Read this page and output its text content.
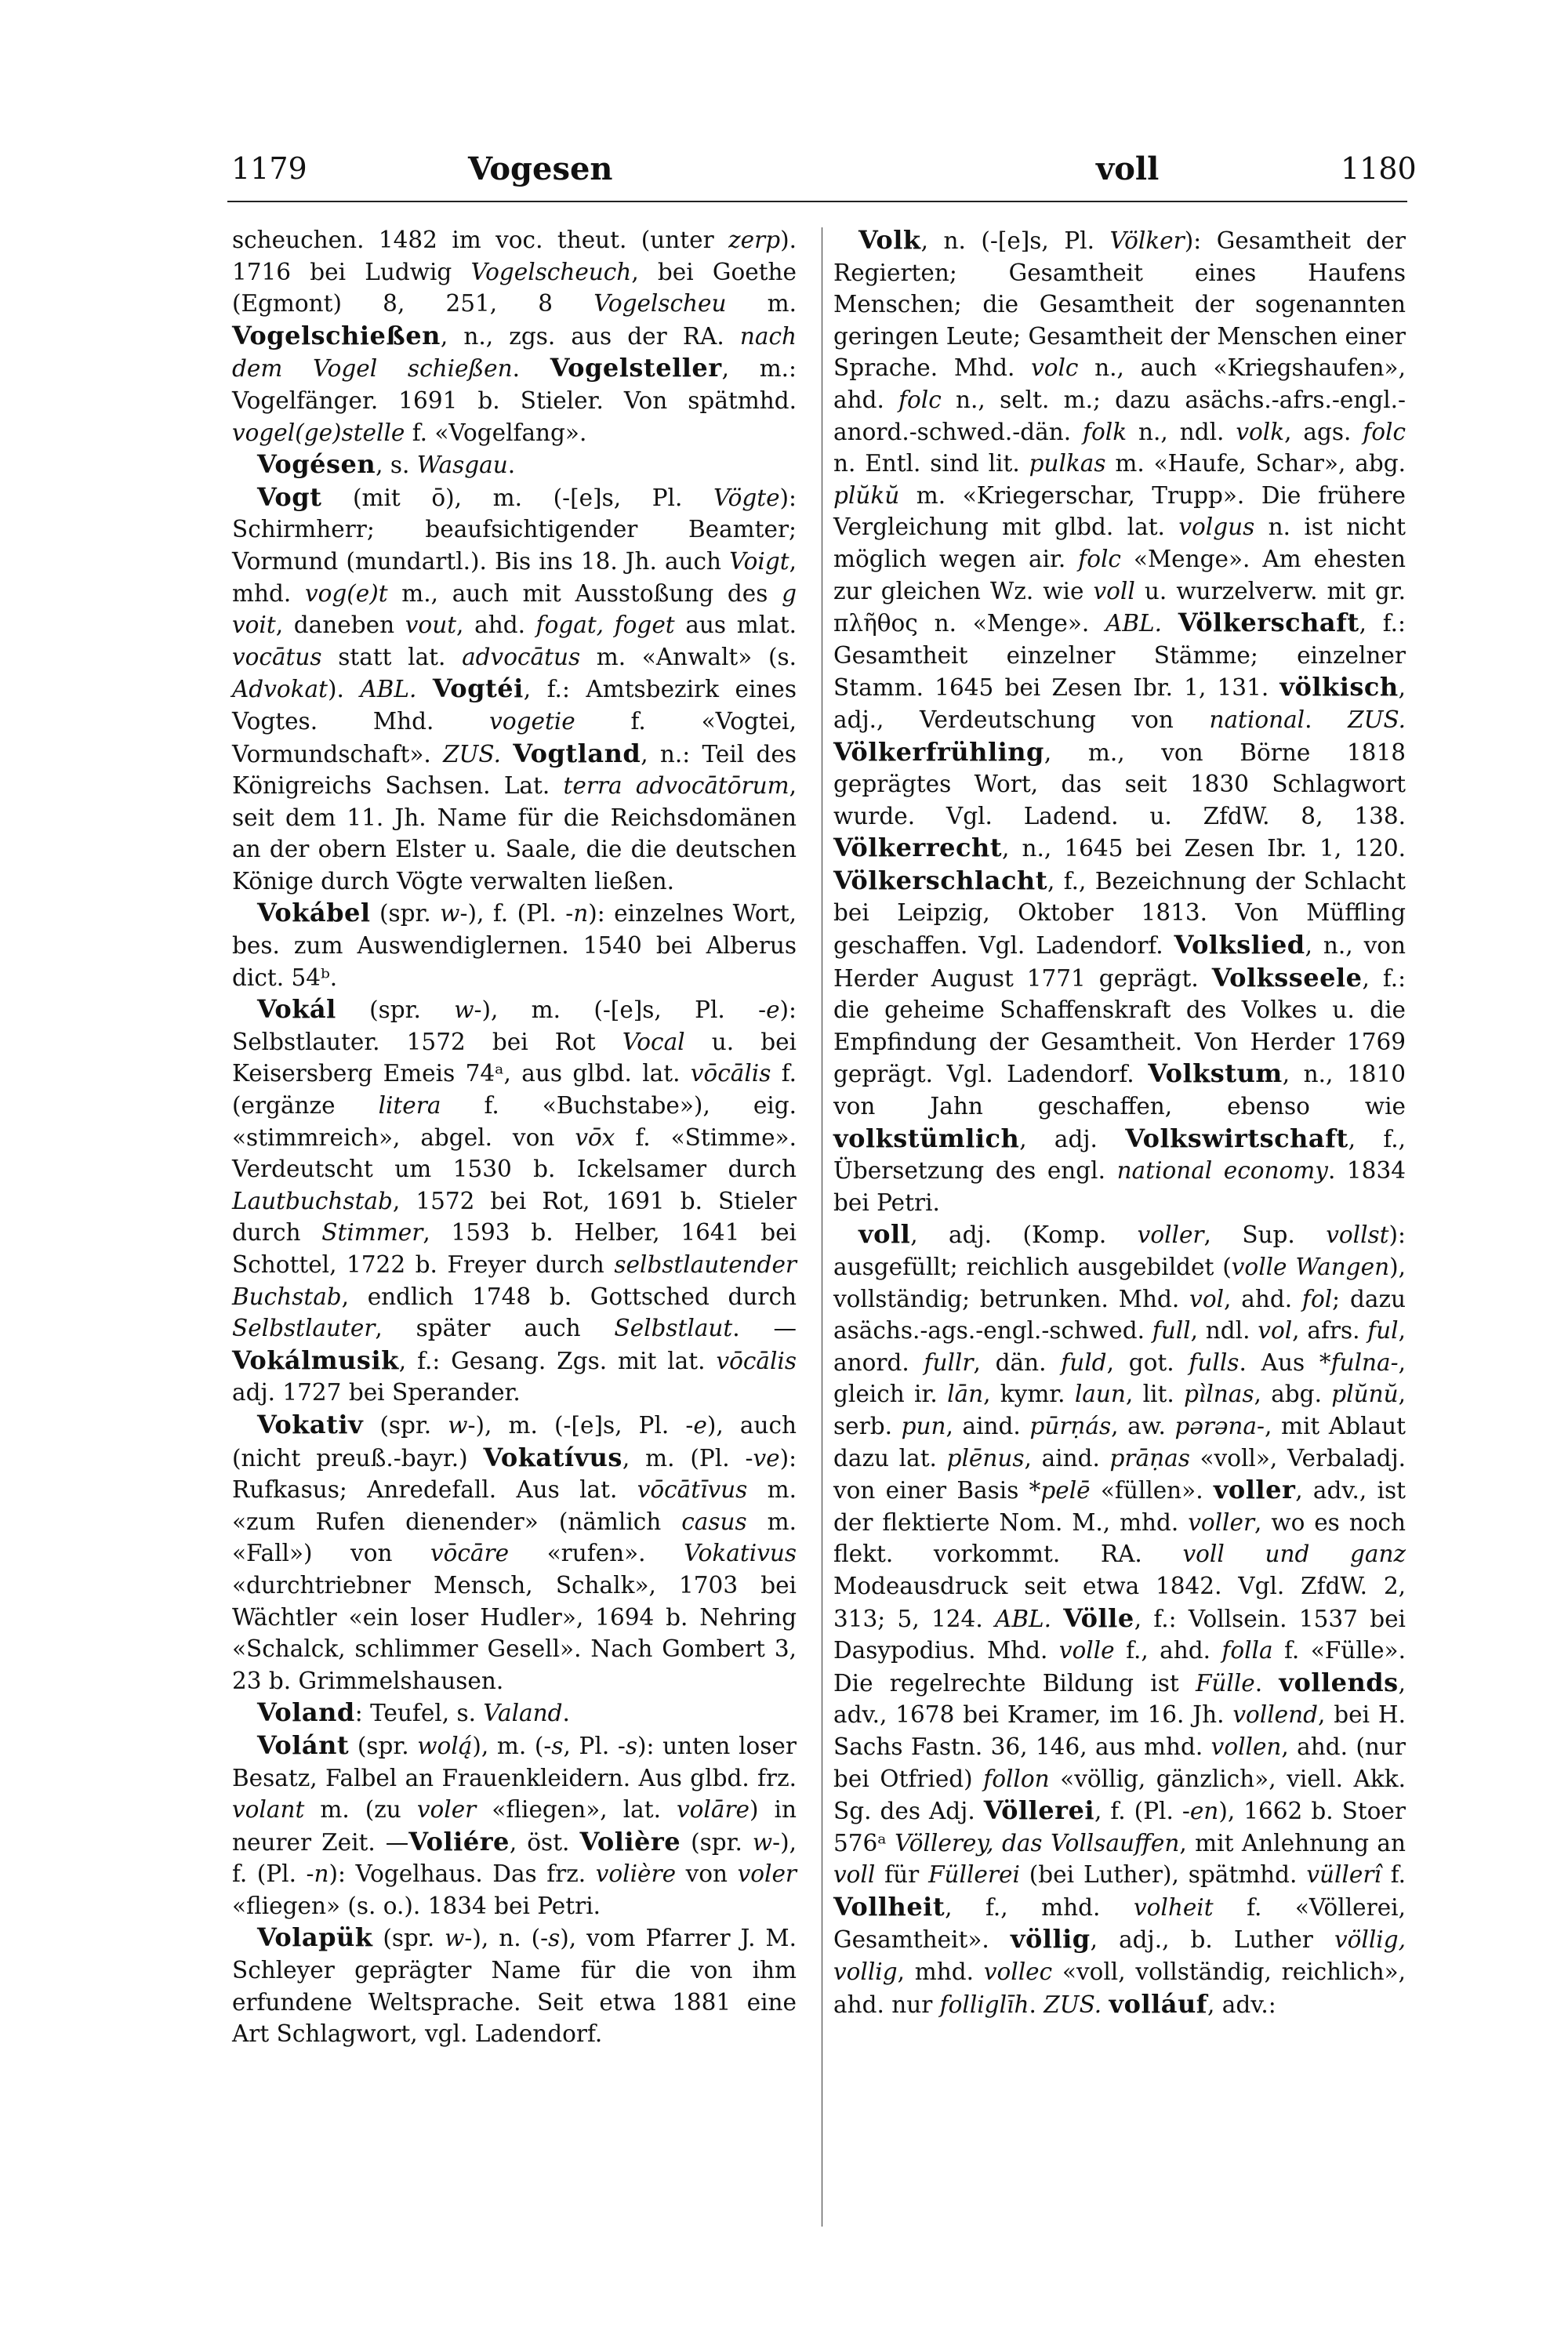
1179	Vogesen	voll	1180

scheuchen. 1482 im voc. theut. (unter zerp). 1716 bei Ludwig Vogelscheuch, bei Goethe (Egmont) 8, 251, 8 Vogelscheu m. Vogelschießen, n., zgs. aus der RA. nach dem Vogel schießen. Vogelsteller, m.: Vogelfänger. 1691 b. Stieler. Von spätmhd. vogel(ge)stelle f. «Vogelfang».

Vogésen, s. Wasgau.

Vogt (mit ō), m. (-[e]s, Pl. Vögte): Schirmherr; beaufsichtigender Beamter; Vormund (mundartl.). Bis ins 18. Jh. auch Voigt, mhd. vog(e)t m., auch mit Ausstoßung des g voit, daneben vout, ahd. fogat, foget aus mlat. vocātus statt lat. advocātus m. «Anwalt» (s. Advokat). ABL. Vogtéi, f.: Amtsbezirk eines Vogtes. Mhd. vogetie f. «Vogtei, Vormundschaft». ZUS. Vogtland, n.: Teil des Königreichs Sachsen. Lat. terra advocātōrum, seit dem 11. Jh. Name für die Reichsdomänen an der obern Elster u. Saale, die die deutschen Könige durch Vögte verwalten ließen.

Vokábel (spr. w-), f. (Pl. -n): einzelnes Wort, bes. zum Auswendiglernen. 1540 bei Alberus dict. 54ᵇ.

Vokál (spr. w-), m. (-[e]s, Pl. -e): Selbstlauter. 1572 bei Rot Vocal u. bei Keisersberg Emeis 74ᵃ, aus glbd. lat. vōcālis f. (ergänze litera f. «Buchstabe»), eig. «stimmreich», abgel. von vōx f. «Stimme». Verdeutscht um 1530 b. Ickelsamer durch Lautbuchstab, 1572 bei Rot, 1691 b. Stieler durch Stimmer, 1593 b. Helber, 1641 bei Schottel, 1722 b. Freyer durch selbstlautender Buchstab, endlich 1748 b. Gottsched durch Selbstlauter, später auch Selbstlaut. —Vokálmusik, f.: Gesang. Zgs. mit lat. vōcālis adj. 1727 bei Sperander.

Vokativ (spr. w-), m. (-[e]s, Pl. -e), auch (nicht preuß.-bayr.) Vokatívus, m. (Pl. -ve): Rufkasus; Anredefall. Aus lat. vōcātīvus m. «zum Rufen dienender» (nämlich casus m. «Fall») von vōcāre «rufen». Vokativus «durchtriebner Mensch, Schalk», 1703 bei Wächtler «ein loser Hudler», 1694 b. Nehring «Schalck, schlimmer Gesell». Nach Gombert 3, 23 b. Grimmelshausen.

Voland: Teufel, s. Valand.

Volánt (spr. wolą́), m. (-s, Pl. -s): unten loser Besatz, Falbel an Frauenkleidern. Aus glbd. frz. volant m. (zu voler «fliegen», lat. volāre) in neurer Zeit. —Voliére, öst. Volière (spr. w-), f. (Pl. -n): Vogelhaus. Das frz. volière von voler «fliegen» (s. o.). 1834 bei Petri.

Volapük (spr. w-), n. (-s), vom Pfarrer J. M. Schleyer geprägter Name für die von ihm erfundene Weltsprache. Seit etwa 1881 eine Art Schlagwort, vgl. Ladendorf.

Volk, n. (-[e]s, Pl. Völker): Gesamtheit der Regierten; Gesamtheit eines Haufens Menschen; die Gesamtheit der sogenannten geringen Leute; Gesamtheit der Menschen einer Sprache. Mhd. volc n., auch «Kriegshaufen», ahd. folc n., selt. m.; dazu asächs.-afrs.-engl.-anord.-schwed.-dän. folk n., ndl. volk, ags. folc n. Entl. sind lit. pulkas m. «Haufe, Schar», abg. plŭkŭ m. «Kriegerschar, Trupp». Die frühere Vergleichung mit glbd. lat. volgus n. ist nicht möglich wegen air. folc «Menge». Am ehesten zur gleichen Wz. wie voll u. wurzelverw. mit gr. πλῆθος n. «Menge». ABL. Völkerschaft, f.: Gesamtheit einzelner Stämme; einzelner Stamm. 1645 bei Zesen Ibr. 1, 131. völkisch, adj., Verdeutschung von national. ZUS. Völkerfrühling, m., von Börne 1818 geprägtes Wort, das seit 1830 Schlagwort wurde. Vgl. Ladend. u. ZfdW. 8, 138. Völkerrecht, n., 1645 bei Zesen Ibr. 1, 120. Völkerschlacht, f., Bezeichnung der Schlacht bei Leipzig, Oktober 1813. Von Müffling geschaffen. Vgl. Ladendorf. Volkslied, n., von Herder August 1771 geprägt. Volksseele, f.: die geheime Schaffenskraft des Volkes u. die Empfindung der Gesamtheit. Von Herder 1769 geprägt. Vgl. Ladendorf. Volkstum, n., 1810 von Jahn geschaffen, ebenso wie volkstümlich, adj. Volkswirtschaft, f., Übersetzung des engl. national economy. 1834 bei Petri.

voll, adj. (Komp. voller, Sup. vollst): ausgefüllt; reichlich ausgebildet (volle Wangen), vollständig; betrunken. Mhd. vol, ahd. fol; dazu asächs.-ags.-engl.-schwed. full, ndl. vol, afrs. ful, anord. fullr, dän. fuld, got. fulls. Aus *fulna-, gleich ir. lān, kymr. laun, lit. pìlnas, abg. plŭnŭ, serb. pun, aind. pūrṇás, aw. pərəna-, mit Ablaut dazu lat. plēnus, aind. prāṇas «voll», Verbaladj. von einer Basis *pelē «füllen». voller, adv., ist der flektierte Nom. M., mhd. voller, wo es noch flekt. vorkommt. RA. voll und ganz Modeausdruck seit etwa 1842. Vgl. ZfdW. 2, 313; 5, 124. ABL. Völle, f.: Vollsein. 1537 bei Dasypodius. Mhd. volle f., ahd. folla f. «Fülle». Die regelrechte Bildung ist Fülle. vollends, adv., 1678 bei Kramer, im 16. Jh. vollend, bei H. Sachs Fastn. 36, 146, aus mhd. vollen, ahd. (nur bei Otfried) follon «völlig, gänzlich», viell. Akk. Sg. des Adj. Völlerei, f. (Pl. -en), 1662 b. Stoer 576ᵃ Völlerey, das Vollsauffen, mit Anlehnung an voll für Füllerei (bei Luther), spätmhd. vüllerî f. Vollheit, f., mhd. volheit f. «Völlerei, Gesamtheit». völlig, adj., b. Luther völlig, vollig, mhd. vollec «voll, vollständig, reichlich», ahd. nur folliglīh. ZUS. volláuf, adv.:
